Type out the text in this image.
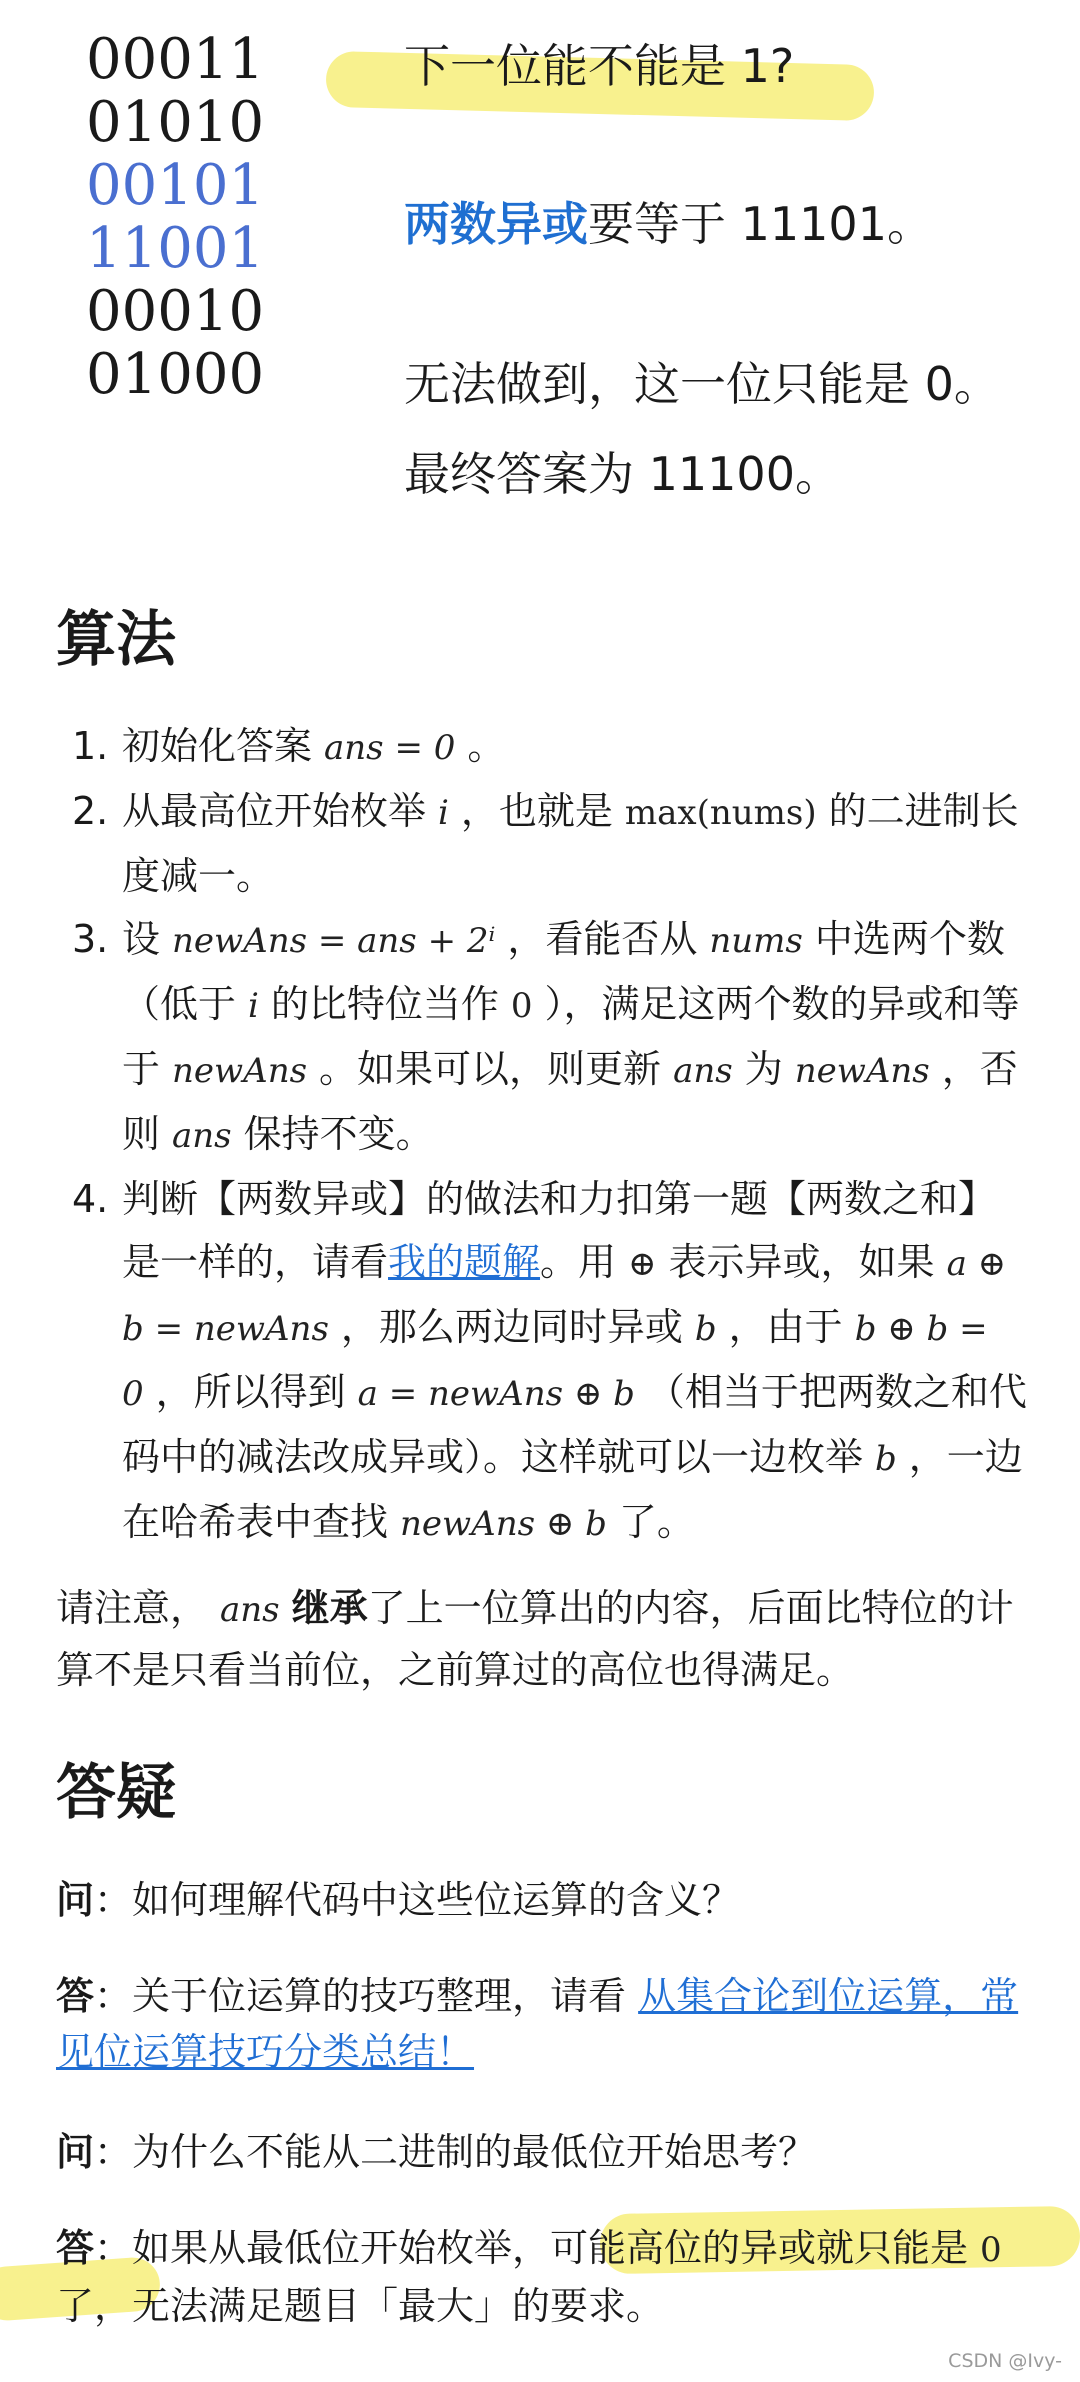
00011
01010
00101
11001
00010
01000
下一位能不能是 1?
两数异或要等于 11101。
无法做到，这一位只能是 0。
最终答案为 11100。
算法
1. 初始化答案 ans = 0 。
2. 从最高位开始枚举 i ，也就是 max(nums) 的二进制长度减一。
3. 设 newAns = ans + 2ⁱ ，看能否从 nums 中选两个数（低于 i 的比特位当作 0 ），满足这两个数的异或和等于 newAns 。如果可以，则更新 ans 为 newAns ，否则 ans 保持不变。
4. 判断【两数异或】的做法和力扣第一题【两数之和】是一样的，请看我的题解。用 ⊕ 表示异或，如果 a ⊕ b = newAns ，那么两边同时异或 b ，由于 b ⊕ b = 0 ，所以得到 a = newAns ⊕ b （相当于把两数之和代码中的减法改成异或）。这样就可以一边枚举 b ，一边在哈希表中查找 newAns ⊕ b 了。
请注意， ans 继承了上一位算出的内容，后面比特位的计算不是只看当前位，之前算过的高位也得满足。
答疑
问：如何理解代码中这些位运算的含义？
答：关于位运算的技巧整理，请看 从集合论到位运算，常见位运算技巧分类总结！
问：为什么不能从二进制的最低位开始思考？
答：如果从最低位开始枚举，可能高位的异或就只能是 0了，无法满足题目「最大」的要求。
CSDN @Ivy-
